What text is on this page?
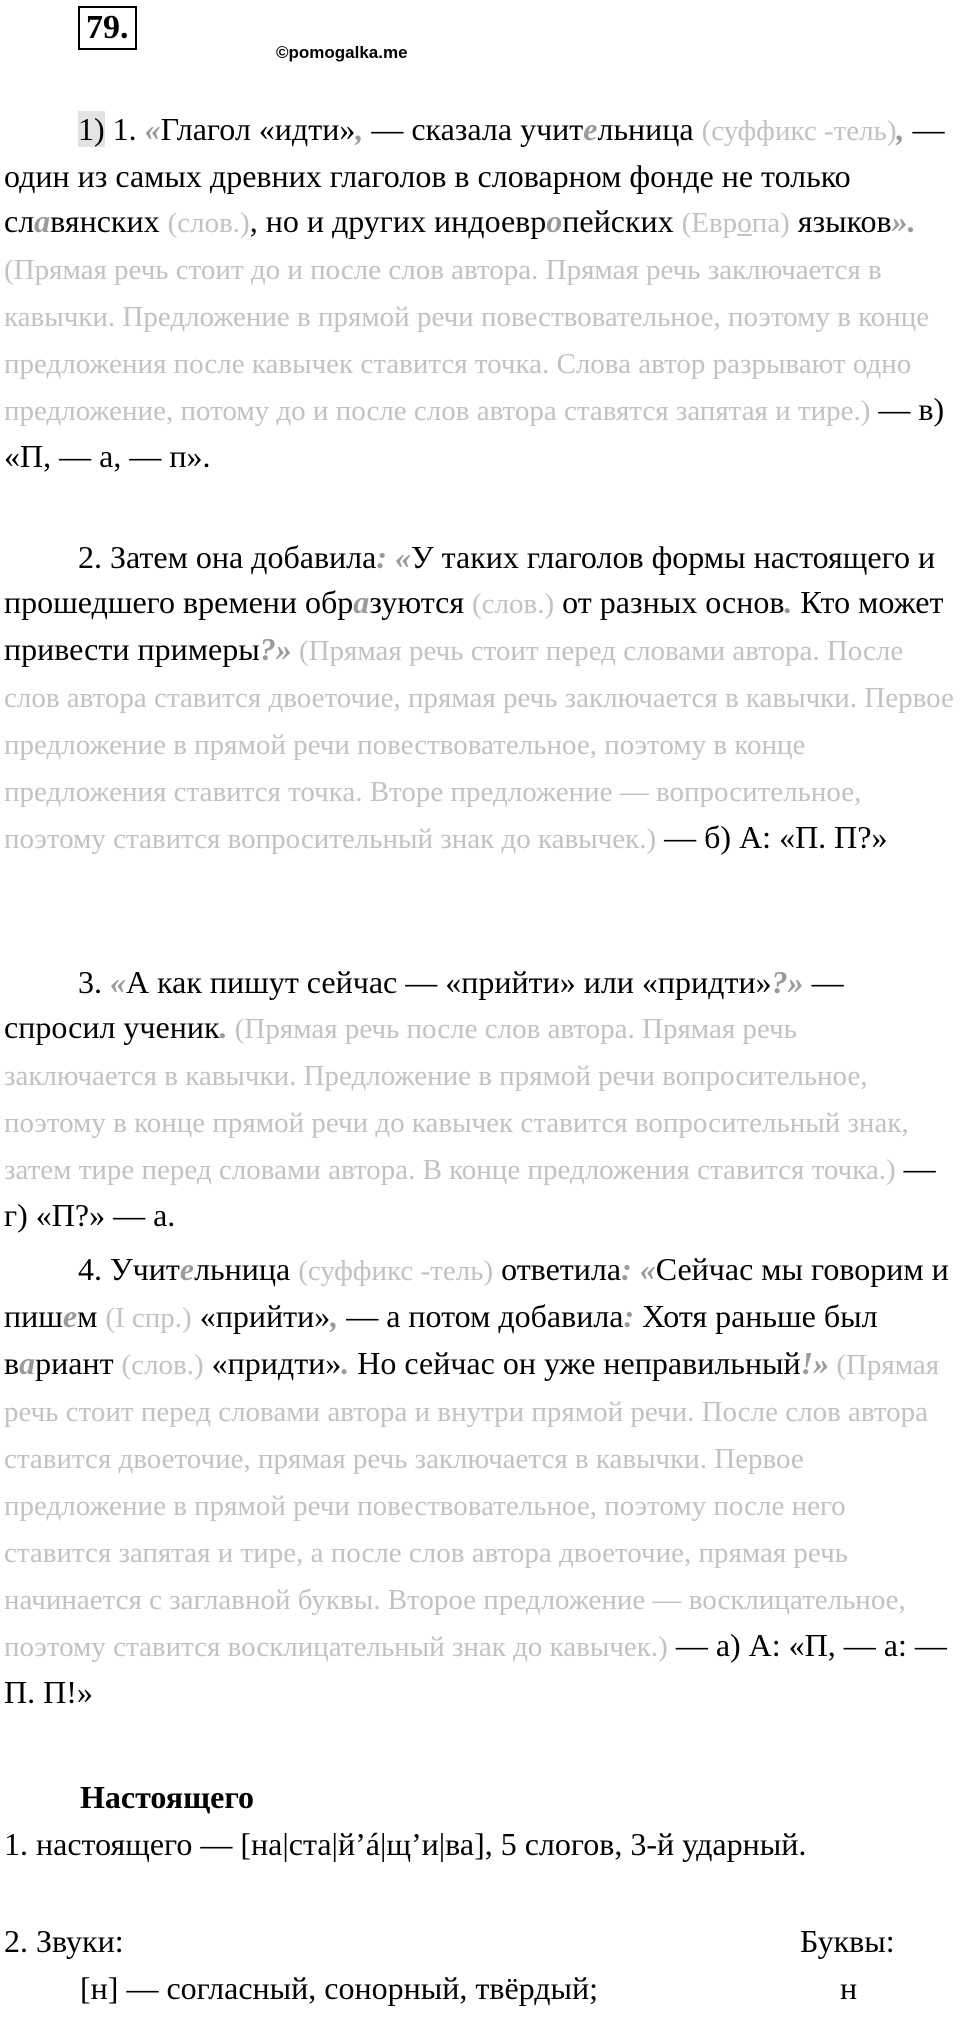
79.
©pomogalka.me

1) 1. «Глагол «идти», — сказала учительница (суффикс -тель), — один из самых древних глаголов в словарном фонде не только славянских (слов.), но и других индоевропейских (Европа) языков». (Прямая речь стоит до и после слов автора. Прямая речь заключается в кавычки. Предложение в прямой речи повествовательное, поэтому в конце предложения после кавычек ставится точка. Слова автор разрывают одно предложение, потому до и после слов автора ставятся запятая и тире.) — в) «П, — а, — п».

2. Затем она добавила: «У таких глаголов формы настоящего и прошедшего времени образуются (слов.) от разных основ. Кто может привести примеры?» (Прямая речь стоит перед словами автора. После слов автора ставится двоеточие, прямая речь заключается в кавычки. Первое предложение в прямой речи повествовательное, поэтому в конце предложения ставится точка. Вторе предложение — вопросительное, поэтому ставится вопросительный знак до кавычек.) — б) А: «П. П?»

3. «А как пишут сейчас — «прийти» или «придти»?» — спросил ученик. (Прямая речь после слов автора. Прямая речь заключается в кавычки. Предложение в прямой речи вопросительное, поэтому в конце прямой речи до кавычек ставится вопросительный знак, затем тире перед словами автора. В конце предложения ставится точка.) — г) «П?» — а.

4. Учительница (суффикс -тель) ответила: «Сейчас мы говорим и пишем (I спр.) «прийти», — а потом добавила: Хотя раньше был вариант (слов.) «придти». Но сейчас он уже неправильный!» (Прямая речь стоит перед словами автора и внутри прямой речи. После слов автора ставится двоеточие, прямая речь заключается в кавычки. Первое предложение в прямой речи повествовательное, поэтому после него ставится запятая и тире, а после слов автора двоеточие, прямая речь начинается с заглавной буквы. Второе предложение — восклицательное, поэтому ставится восклицательный знак до кавычек.) — а) А: «П, — а: — П. П!»

Настоящего
1. настоящего — [на|ста|й’á|щ’и|ва], 5 слогов, 3-й ударный.
2. Звуки:	Буквы:
[н] — согласный, сонорный, твёрдый;	н
